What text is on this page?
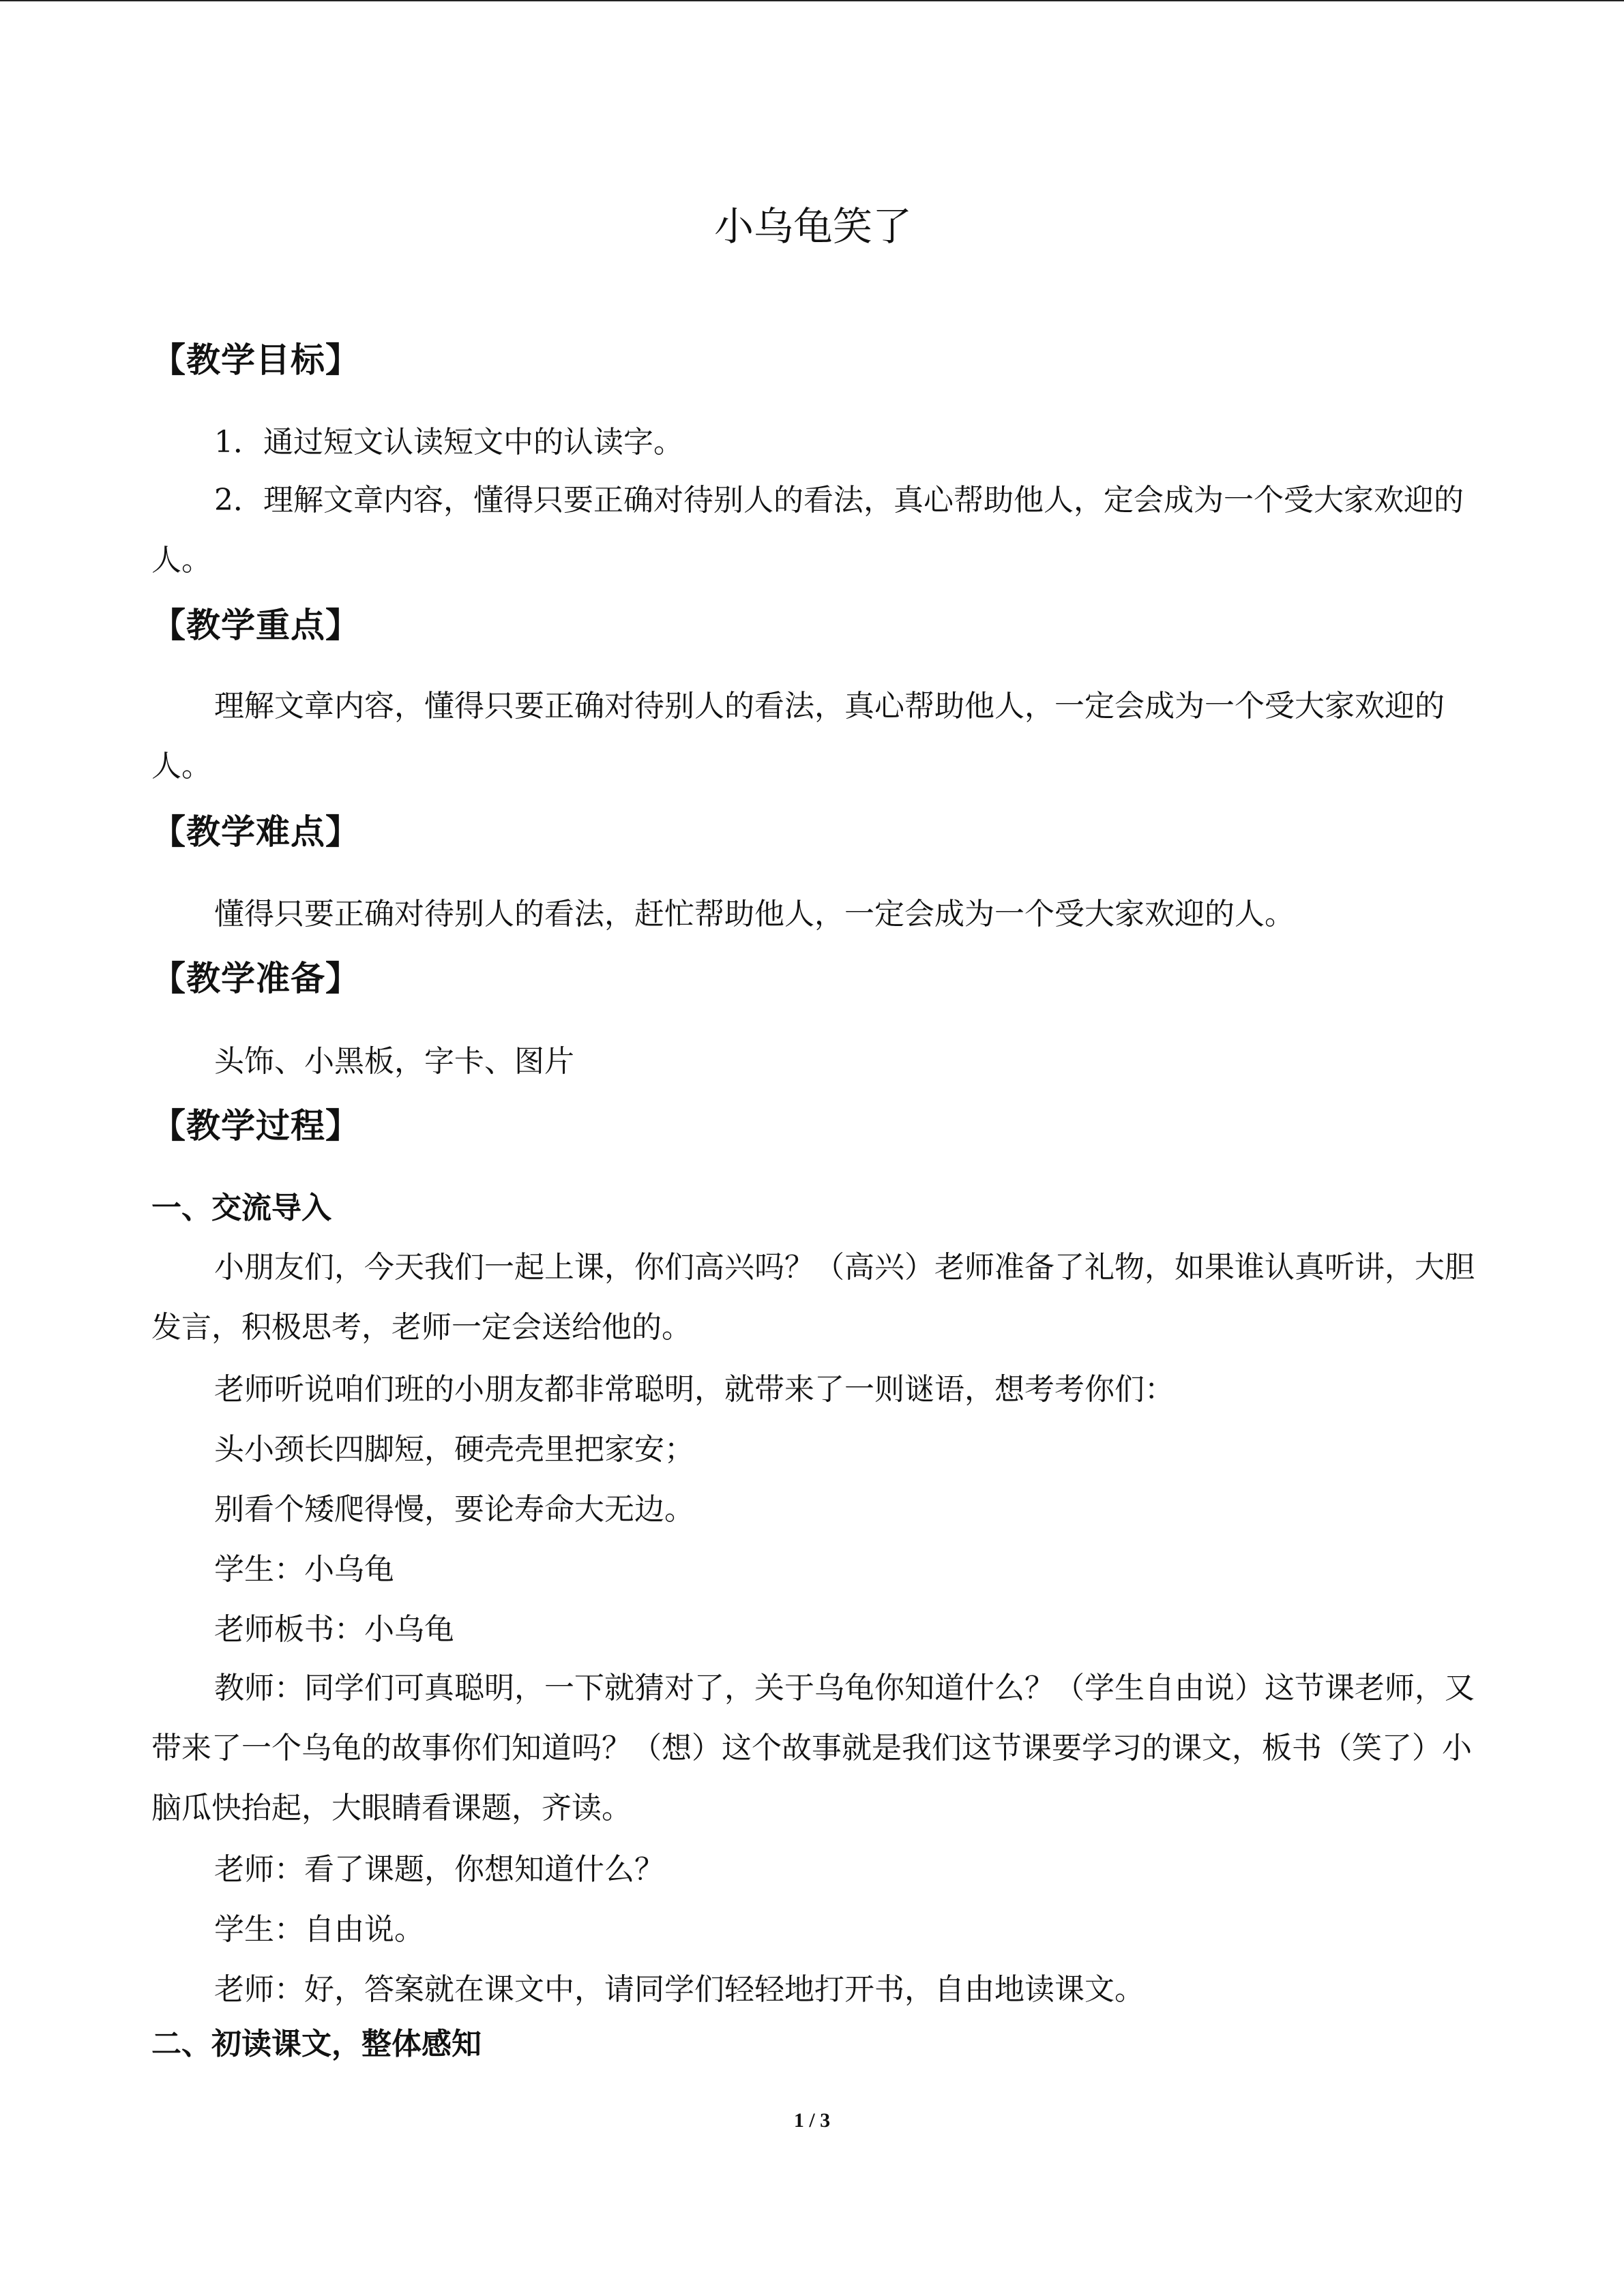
小乌龟笑了
【教学目标】

1．通过短文认读短文中的认读字。

2．理解文章内容，懂得只要正确对待别人的看法，真心帮助他人，定会成为一个受大家欢迎的人。

【教学重点】

理解文章内容，懂得只要正确对待别人的看法，真心帮助他人，一定会成为一个受大家欢迎的人。

【教学难点】

懂得只要正确对待别人的看法，赶忙帮助他人，一定会成为一个受大家欢迎的人。

【教学准备】

头饰、小黑板，字卡、图片

【教学过程】
一、交流导入

小朋友们，今天我们一起上课，你们高兴吗？（高兴）老师准备了礼物，如果谁认真听讲，大胆发言，积极思考，老师一定会送给他的。

老师听说咱们班的小朋友都非常聪明，就带来了一则谜语，想考考你们：

头小颈长四脚短，硬壳壳里把家安；

别看个矮爬得慢，要论寿命大无边。

学生：小乌龟

老师板书：小乌龟

教师：同学们可真聪明，一下就猜对了，关于乌龟你知道什么？（学生自由说）这节课老师，又带来了一个乌龟的故事你们知道吗？（想）这个故事就是我们这节课要学习的课文，板书（笑了）小脑瓜快抬起，大眼睛看课题，齐读。

老师：看了课题，你想知道什么？

学生：自由说。

老师：好，答案就在课文中，请同学们轻轻地打开书，自由地读课文。

二、初读课文，整体感知
1 / 3
